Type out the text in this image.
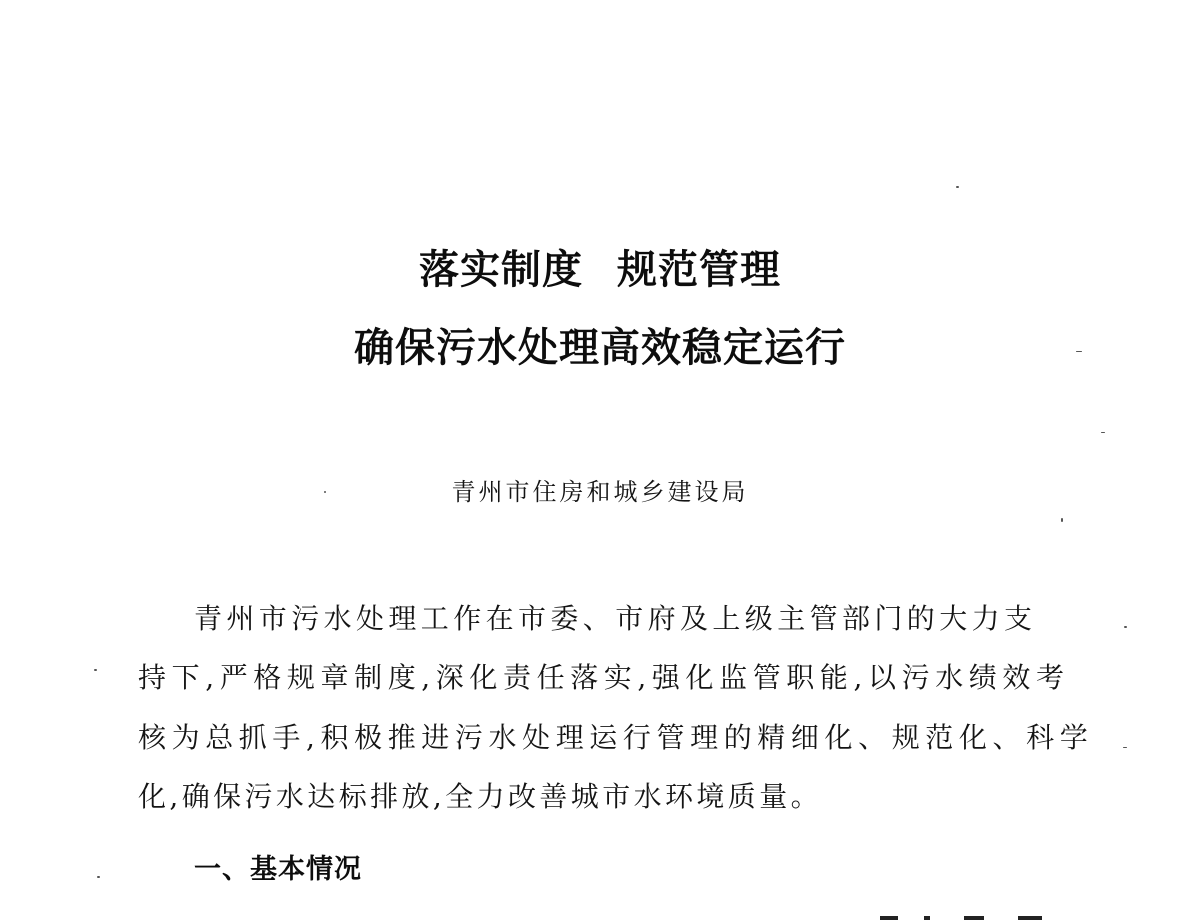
落实制度 规范管理
确保污水处理高效稳定运行
青州市住房和城乡建设局
青州市污水处理工作在市委、市府及上级主管部门的大力支
持下,严格规章制度,深化责任落实,强化监管职能,以污水绩效考
核为总抓手,积极推进污水处理运行管理的精细化、规范化、科学
化,确保污水达标排放,全力改善城市水环境质量。
一、基本情况
